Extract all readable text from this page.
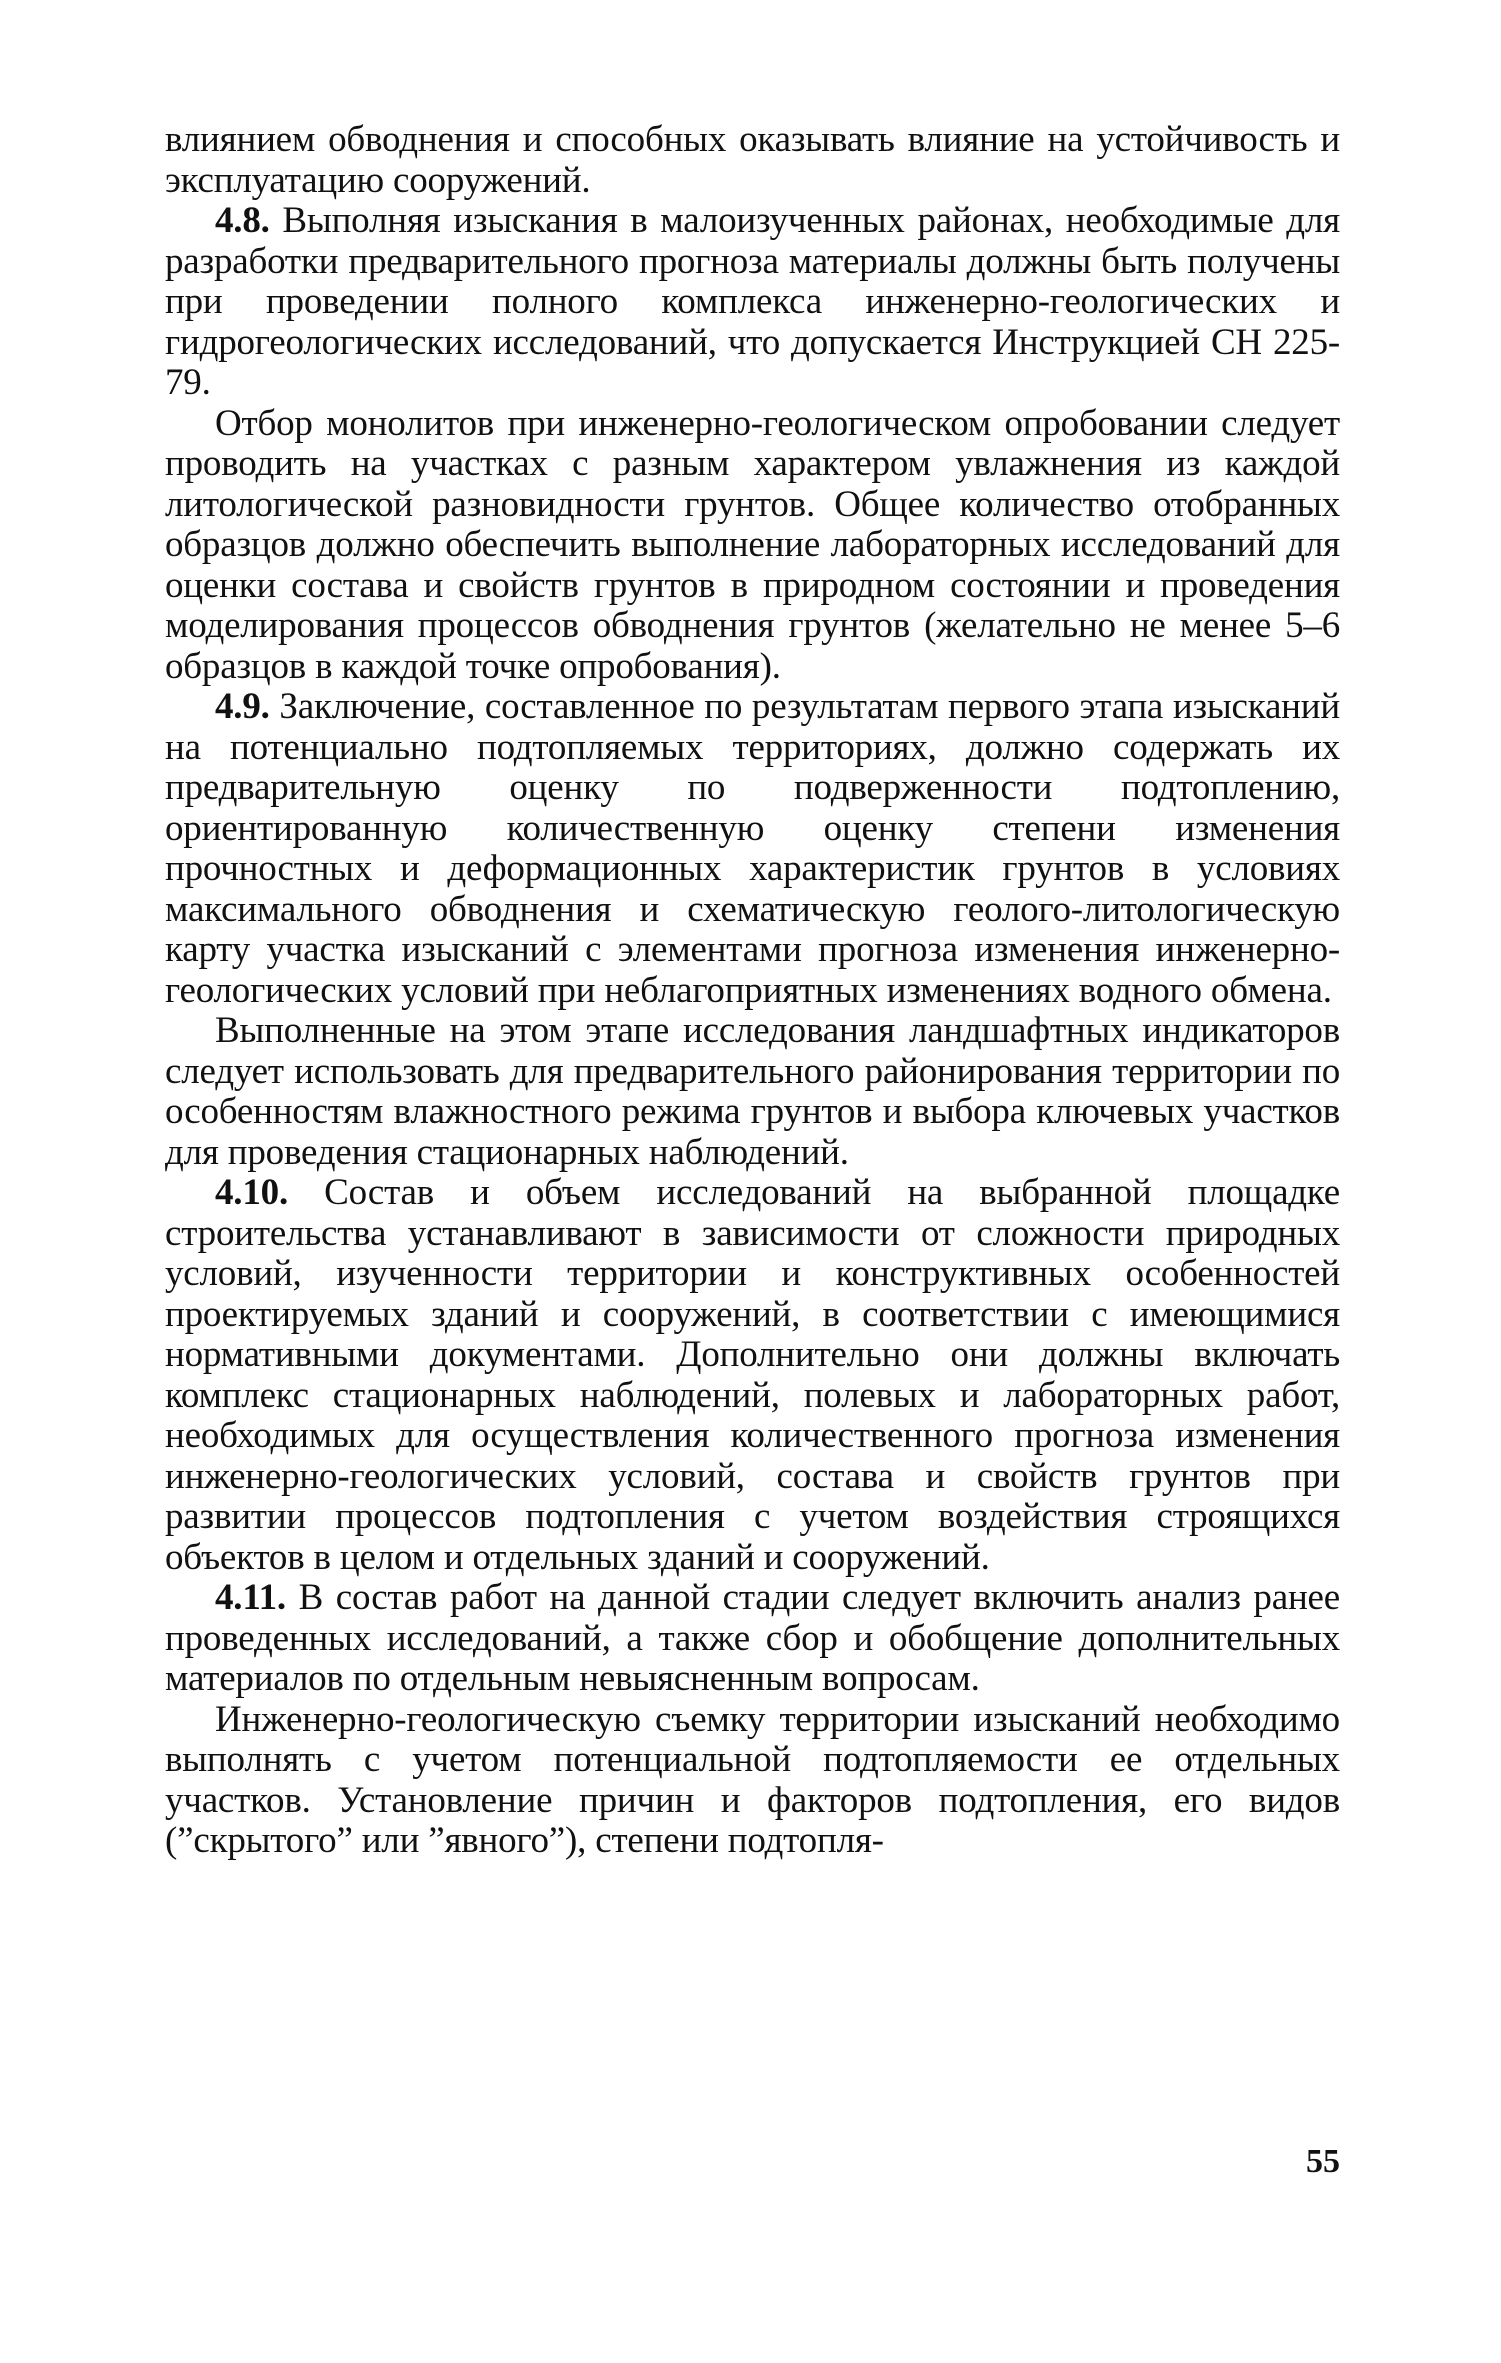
влиянием обводнения и способных оказывать влияние на устойчивость и эксплуатацию сооружений.

4.8. Выполняя изыскания в малоизученных районах, необходимые для разработки предварительного прогноза материалы должны быть получены при проведении полного комплекса инженерно-геологических и гидрогеологических исследований, что допускается Инструкцией СН 225-79.

Отбор монолитов при инженерно-геологическом опробовании следует проводить на участках с разным характером увлажнения из каждой литологической разновидности грунтов. Общее количество отобранных образцов должно обеспечить выполнение лабораторных исследований для оценки состава и свойств грунтов в природном состоянии и проведения моделирования процессов обводнения грунтов (желательно не менее 5–6 образцов в каждой точке опробования).

4.9. Заключение, составленное по результатам первого этапа изысканий на потенциально подтопляемых территориях, должно содержать их предварительную оценку по подверженности подтоплению, ориентированную количественную оценку степени изменения прочностных и деформационных характеристик грунтов в условиях максимального обводнения и схематическую геолого-литологическую карту участка изысканий с элементами прогноза изменения инженерно-геологических условий при неблагоприятных изменениях водного обмена.

Выполненные на этом этапе исследования ландшафтных индикаторов следует использовать для предварительного районирования территории по особенностям влажностного режима грунтов и выбора ключевых участков для проведения стационарных наблюдений.

4.10. Состав и объем исследований на выбранной площадке строительства устанавливают в зависимости от сложности природных условий, изученности территории и конструктивных особенностей проектируемых зданий и сооружений, в соответствии с имеющимися нормативными документами. Дополнительно они должны включать комплекс стационарных наблюдений, полевых и лабораторных работ, необходимых для осуществления количественного прогноза изменения инженерно-геологических условий, состава и свойств грунтов при развитии процессов подтопления с учетом воздействия строящихся объектов в целом и отдельных зданий и сооружений.

4.11. В состав работ на данной стадии следует включить анализ ранее проведенных исследований, а также сбор и обобщение дополнительных материалов по отдельным невыясненным вопросам.

Инженерно-геологическую съемку территории изысканий необходимо выполнять с учетом потенциальной подтопляемости ее отдельных участков. Установление причин и факторов подтопления, его видов (”скрытого” или ”явного”), степени подтопля-

55
